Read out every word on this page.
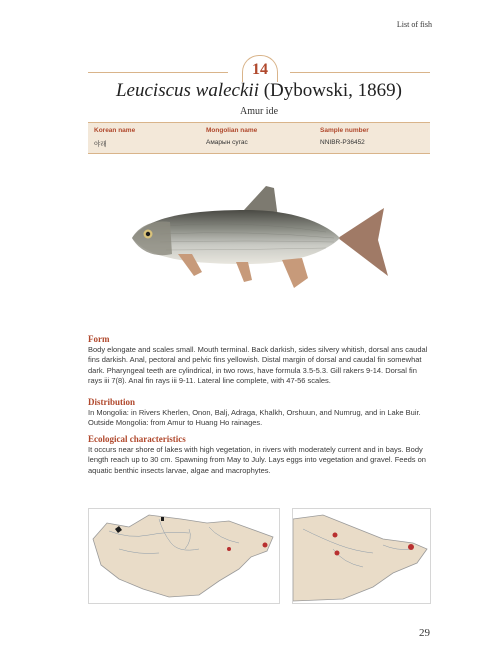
List of fish
14
Leuciscus waleckii (Dybowski, 1869)
Amur ide
Korean name
야래
Mongolian name
Амарын сугас
Sample number
NNIBR-P36452
Form
Body elongate and scales small. Mouth terminal. Back darkish, sides silvery whitish, dorsal ans caudal fins darkish. Anal, pectoral and pelvic fins yellowish. Distal margin of dorsal and caudal fin somewhat dark. Pharyngeal teeth are cylindrical, in two rows, have formula 3.5-5.3. Gill rakers 9-14. Dorsal fin rays iii 7(8). Anal fin rays iii 9-11. Lateral line complete, with 47-56 scales.
Distribution
In Mongolia: in Rivers Kherlen, Onon, Balj, Adraga, Khalkh, Orshuun, and Numrug, and in Lake Buir. Outside Mongolia: from Amur to Huang Ho rainages.
Ecological characteristics
It occurs near shore of lakes with high vegetation, in rivers with moderately current and in bays. Body length reach up to 30 cm. Spawning from May to July. Lays eggs into vegetation and gravel. Feeds on aquatic benthic insects larvae, algae and macrophytes.
29
